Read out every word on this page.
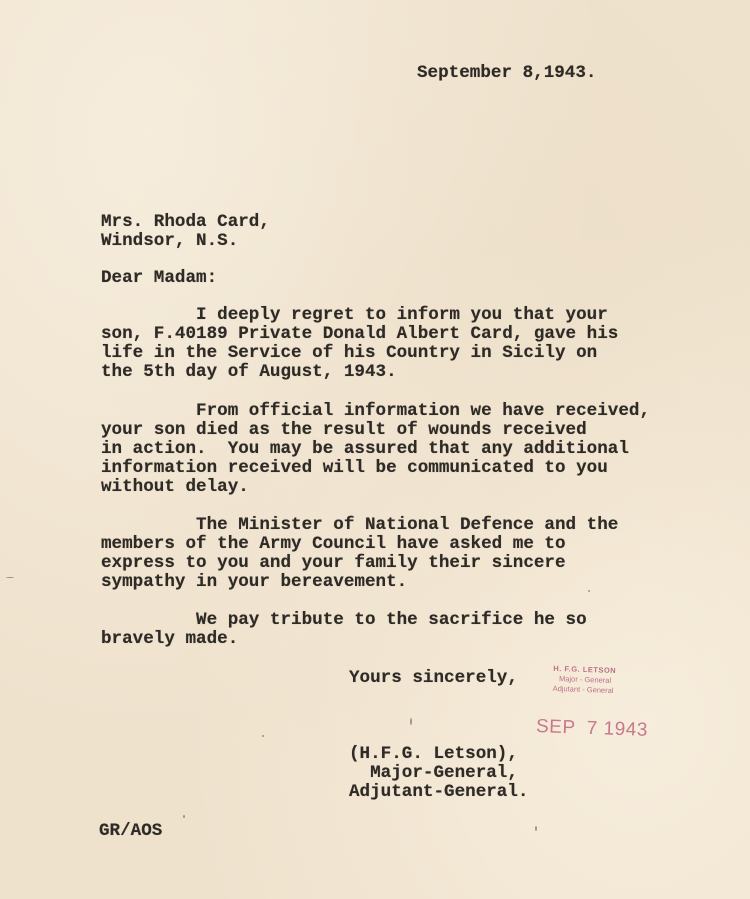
September 8,1943.
Mrs. Rhoda Card,
Windsor, N.S.
Dear Madam:
I deeply regret to inform you that your
son, F.40189 Private Donald Albert Card, gave his
life in the Service of his Country in Sicily on
the 5th day of August, 1943.
From official information we have received,
your son died as the result of wounds received
in action.  You may be assured that any additional
information received will be communicated to you
without delay.
The Minister of National Defence and the
members of the Army Council have asked me to
express to you and your family their sincere
sympathy in your bereavement.
We pay tribute to the sacrifice he so
bravely made.
Yours sincerely,	H. F.G. LETSON
Major - General
Adjutant - General
SEP  7 1943
(H.F.G. Letson),
Major-General,
Adjutant-General.
GR/AOS
